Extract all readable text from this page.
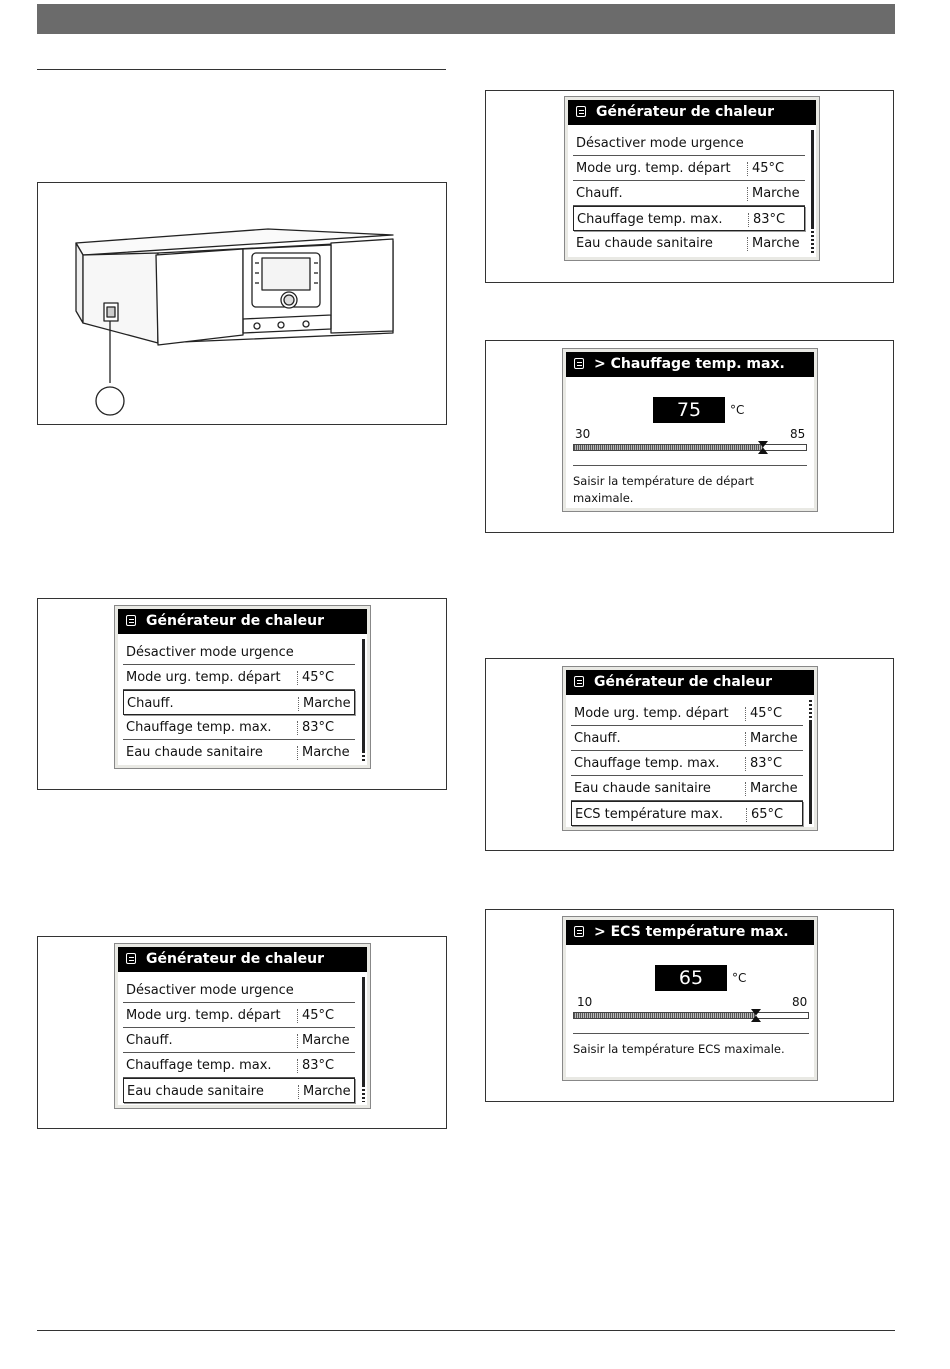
Générateur de chaleur
Désactiver mode urgence
Mode urg. temp. départ 45°C
Chauff.	Marche
Chauffage temp. max. 83°C
Eau chaude sanitaire	Marche
Générateur de chaleur
Désactiver mode urgence
Mode urg. temp. départ 45°C
Chauff.	Marche
Chauffage temp. max. 83°C
Eau chaude sanitaire	Marche
Générateur de chaleur
Désactiver mode urgence
Mode urg. temp. départ 45°C
Chauff.	Marche
Chauffage temp. max. 83°C
Eau chaude sanitaire	Marche
> Chauffage temp. max.
75	°C
30	85
Saisir la température de départ
maximale.
Générateur de chaleur
Mode urg. temp. départ 45°C
Chauff.	Marche
Chauffage temp. max. 83°C
Eau chaude sanitaire	Marche
ECS température max. 65°C
> ECS température max.
65	°C
10	80
Saisir la température ECS maximale.
